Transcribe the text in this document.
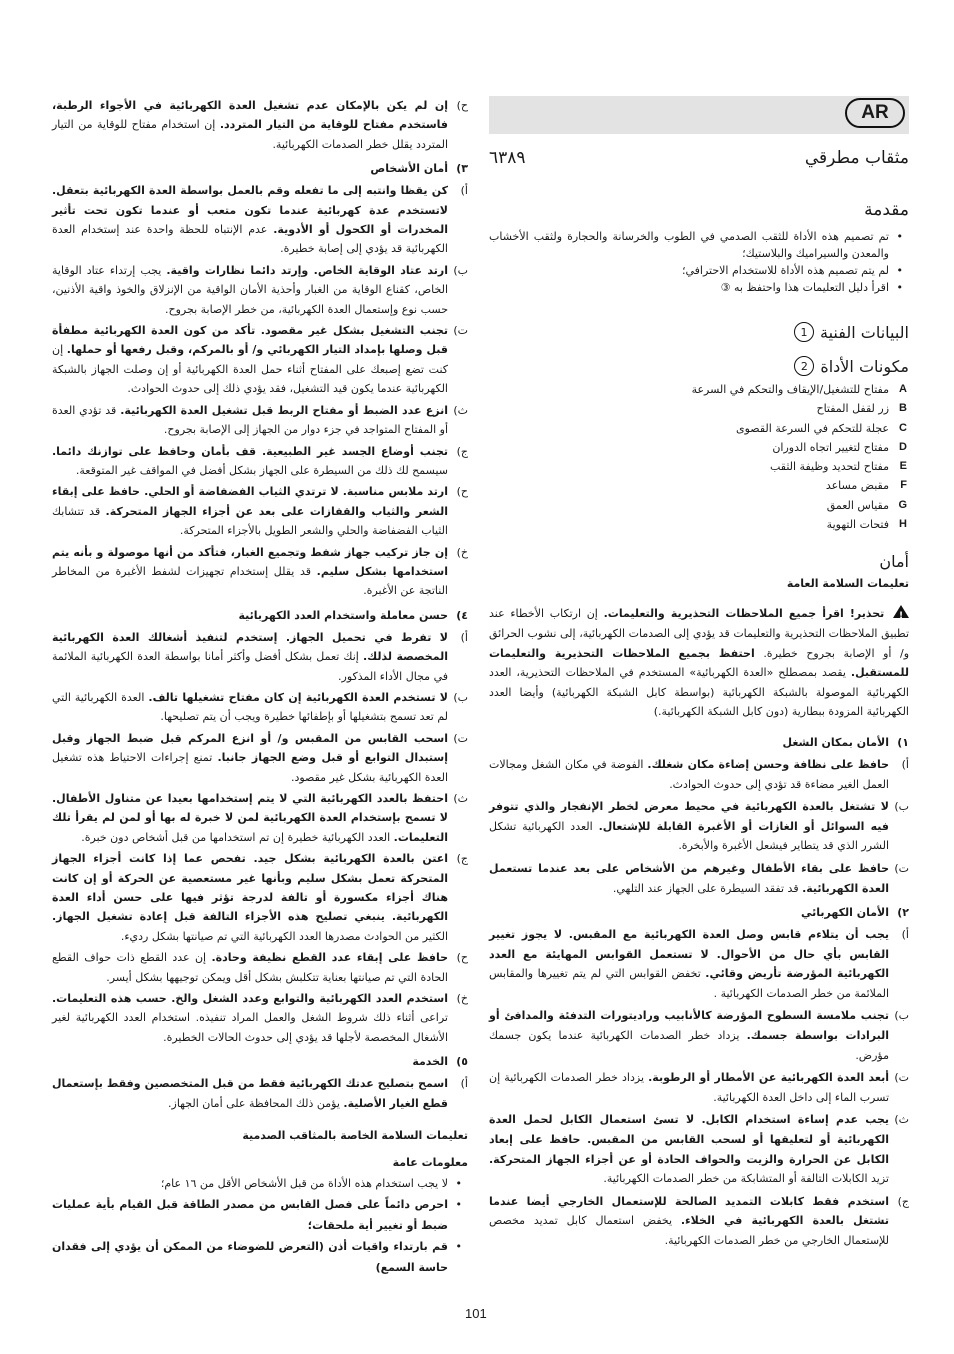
AR
مثقاب مطرقي
٦٣٨٩
مقدمة

• تم تصميم هذه الأداة للثقب الصدمي في الطوب والخرسانة والحجارة ولثقب الأخشاب والمعدن والسيراميك والبلاستيك؛

• لم يتم تصميم هذه الأداة للاستخدام الاحترافي؛

• اقرأ دليل التعليمات هذا واحتفظ به ③

البيانات الفنية
1
مكونات الأداة
2
A
مفتاح للتشغيل/الإيقاف والتحكم في السرعة
B
زر لقفل المفتاح
C
عجلة للتحكم في السرعة القصوى
D
مفتاح لتغيير اتجاه الدوران
E
مفتاح لتحديد وظيفة الثقب
F
مقبض مساعد
G
مقياس العمق
H
فتحات التهوية
أمان
تعليمات السلامة العامة

! تحذير! اقرأ جميع الملاحظات التحذيرية والتعليمات. إن ارتكاب الأخطاء عند تطبيق الملاحظات التحذيرية والتعليمات قد يؤدي إلى الصدمات الكهربائية، إلى نشوب الحرائق و/ أو الإصابة بجروح خطيرة. احتفظ بجميع الملاحظات التحذيرية والتعليمات للمستقبل. يقصد بمصطلح «العدة الكهربائية» المستخدم في الملاحظات التحذيرية، العدد الكهربائية الموصولة بالشبكة الكهربائية (بواسطة كابل الشبكة الكهربائية) وأيضا العدد الكهربائية المزودة ببطارية (دون كابل الشبكة الكهربائية.)

١)
الأمان بمكان الشغل

أ)
حافظ على نظافة وحسن إضاءة مكان شغلك. الفوضة في مكان الشغل ومجالات العمل الغير مضاءة قد تؤدي إلى حدوث الحوادث.

ب)
لا تشتغل بالعدة الكهربائية في محيط معرض لخطر الإنفجار والذي تتوفر فيه السوائل أو الغازات أو الأغبرة القابلة للإشتعال. العدد الكهربائية تشكل الشرر الذي قد يتطاير فيشعل الأغبرة والأبخرة.

ت)
حافظ على بقاء الأطفال وغيرهم من الأشخاص على بعد عندما تستعمل العدة الكهربائية. قد تفقد السيطرة على الجهاز عند التلهي.

٢)
الأمان الكهربائي

أ)
يجب أن يتلاءم قابس وصل العدة الكهربائية مع المقبس. لا يجوز تغيير القابس بأي حال من الأحوال. لا تستعمل القوابس المهايئة مع العدد الكهربائية المؤرضة تأريض وقائي. تخفض القوابس التي لم يتم تغييرها والمقابس الملائمة من خطر الصدمات الكهربائية .

ب)
تجنب ملامسة السطوح المؤرضة كالأنابيب وراديتورات التدفئة والمدافئ أو البرادات بواسطة جسمك. يزداد خطر الصدمات الكهربائية عندما يكون جسمك مؤرض.

ت)
أبعد العدة الكهربائية عن الأمطار أو الرطوبة. يزداد خطر الصدمات الكهربائية إن تسرب الماء إلى داخل العدة الكهربائية.

ث)
يجب عدم إساءة استخدام الكابل. لا تسئ استعمال الكابل لحمل العدة الكهربائية أو لتعليقها أو لسحب القابس من المقبس. حافظ على إبعاد الكابل عن الحرارة والزيت والحواف الحادة أو عن أجزاء الجهاز المتحركة. تزيد الكابلات التالفة أو المتشابكة من خطر الصدمات الكهربائية.

ج)
استخدم فقط كابلات التمديد الصالحة للإستعمال الخارجي أيضا عندما تشتغل بالعدة الكهربائية في الخلاء. يخفض استعمال كابل تمديد مخصص للإستعمال الخارجي من خطر الصدمات الكهربائية.

ح)
إن لم يكن بالإمكان عدم تشغيل العدة الكهربائية في الأجواء الرطبة، فاستخدم مفتاح للوقاية من التيار المتردد. إن استخدام مفتاح للوقاية من التيار المتردد يقلل خطر الصدمات الكهربائية.

٣)
أمان الأشخاص

أ)
كن يقظا وانتبه إلى ما تفعله وقم بالعمل بواسطة العدة الكهربائية بتعقل. لاتستخدم عدة كهربائية عندما تكون متعب أو عندما تكون تحت تأثير المخدرات أو الكحول أو الأدوية. عدم الإنتباه للحظة واحدة عند إستخدام العدة الكهربائية قد يؤدي إلى إصابة خطيرة.

ب)
ارتد عتاد الوقاية الخاص. وإرتد دائما نظارات واقية. يجب إرتداء عتاد الوقاية الخاص، كقناع الوقاية من الغبار وأحذية الأمان الواقية من الإنزلاق والخوذ واقية الأذنين، حسب نوع وإستعمال العدة الكهربائية، من خطر الإصابة بجروح.

ت)
تجنب التشغيل بشكل غير مقصود. تأكد من كون العدة الكهربائية مطفأة قبل وصلها بإمداد التيار الكهربائي و/ أو بالمركم، وقبل رفعها أو حملها. إن كنت تضع إصبعك على المفتاح أثناء حمل العدة الكهربائية أو إن وصلت الجهاز بالشبكة الكهربائية عندما يكون قيد التشغيل، فقد يؤدي ذلك إلى حدوث الحوادث.

ث)
انزع عدد الضبط أو مفتاح الربط قبل تشغيل العدة الكهربائية. قد تؤدي العدة أو المفتاح المتواجد في جزء دوار من الجهاز إلى الإصابة بجروح.

ج)
تجنب أوضاع الجسد غير الطبيعية. قف بأمان وحافظ على توازنك دائما. سيسمح لك ذلك من السيطرة على الجهاز بشكل أفضل في المواقف غير المتوقعة.

ح)
ارتد ملابس مناسبة. لا ترتدي الثياب الفضفاضة أو الحلي. حافظ على إبقاء الشعر والثياب والقفازات على بعد عن أجزاء الجهاز المتحركة. قد تتشابك الثياب الفضفاضة والحلي والشعر الطويل بالأجزاء المتحركة.

خ)
إن جاز تركيب جهاز شفط وتجميع الغبار، فتأكد من أنها موصولة و بأنه يتم استخدامها بشكل سليم. قد يقلل إستخدام تجهيزات لشفط الأغبرة من المخاطر الناتجة عن الأغبرة.

٤)
حسن معاملة واستخدام العدد الكهربائية

أ)
لا تفرط في تحميل الجهاز. إستخدم لتنفيذ أشغالك العدة الكهربائية المخصصة لذلك. إنك تعمل بشكل أفضل وأكثر أمانا بواسطة العدة الكهربائية الملائمة في مجال الأداء المذكور.

ب)
لا تستخدم العدة الكهربائية إن كان مفتاح تشغيلها تالف. العدة الكهربائية التي لم تعد تسمح بتشغيلها أو بإطفائها خطيرة ويجب أن يتم تصليحها.

ت)
اسحب القابس من المقبس و/ أو انزع المركم قبل ضبط الجهاز وقبل إستبدال التوابع أو قبل وضع الجهاز جانبا. تمنع إجراءات الاحتياط هذه تشغيل العدة الكهربائية بشكل غير مقصود.

ث)
احتفظ بالعدد الكهربائية التي لا يتم إستخدامها بعيدا عن متناول الأطفال. لا تسمح بإستخدام العدة الكهربائية لمن لا خبرة له بها أو لمن لم يقرأ تلك التعليمات. العدد الكهربائية خطيرة إن تم استخدامها من قبل أشخاص دون خبرة.

ج)
اعتن بالعدة الكهربائية بشكل جيد. تفحص عما إذا كانت أجزاء الجهاز المتحركة تعمل بشكل سليم وبأنها غير مستعصية عن الحركة أو إن كانت هناك أجزاء مكسورة أو تالفة لدرجة تؤثر فيها على حسن أداء العدة الكهربائية. ينبغي تصليح هذه الأجزاء التالفة قبل إعادة تشغيل الجهاز. الكثير من الحوادث مصدرها العدد الكهربائية التي تم صيانتها بشكل رديء.

ح)
حافظ على إبقاء عدد القطع نظيفة وحادة. إن عدد القطع ذات حواف القطع الحادة التي تم صيانتها بعناية تتكلبش بشكل أقل ويمكن توجيهها بشكل أيسر.

خ)
استخدم العدد الكهربائية والتوابع وعدد الشغل والخ. حسب هذه التعليمات. تراعى أثناء ذلك شروط الشغل والعمل المراد تنفيذه. استخدام العدد الكهربائية لغير الأشغال المخصصة لأجلها قد يؤدي إلى حدوث الحالات الخطيرة.

٥)
الخدمة

أ)
اسمح بتصليح عدتك الكهربائية فقط من قبل المتخصصين وفقط بإستعمال قطع الغيار الأصلية. يؤمن ذلك المحافظة على أمان الجهاز.

تعليمات السلامة الخاصة بالمثاقب الصدمية
معلومات عامة

• لا يجب استخدام هذه الأداة من قبل الأشخاص الأقل من ١٦ عام؛

• احرص دائماً على فصل القابس من مصدر الطاقة قبل القيام بأية عمليات ضبط أو تغيير أية ملحقات؛

• قم بارتداء واقيات أذن (التعرض للضوضاء من الممكن أن يؤدي إلى فقدان حاسة السمع)

101
